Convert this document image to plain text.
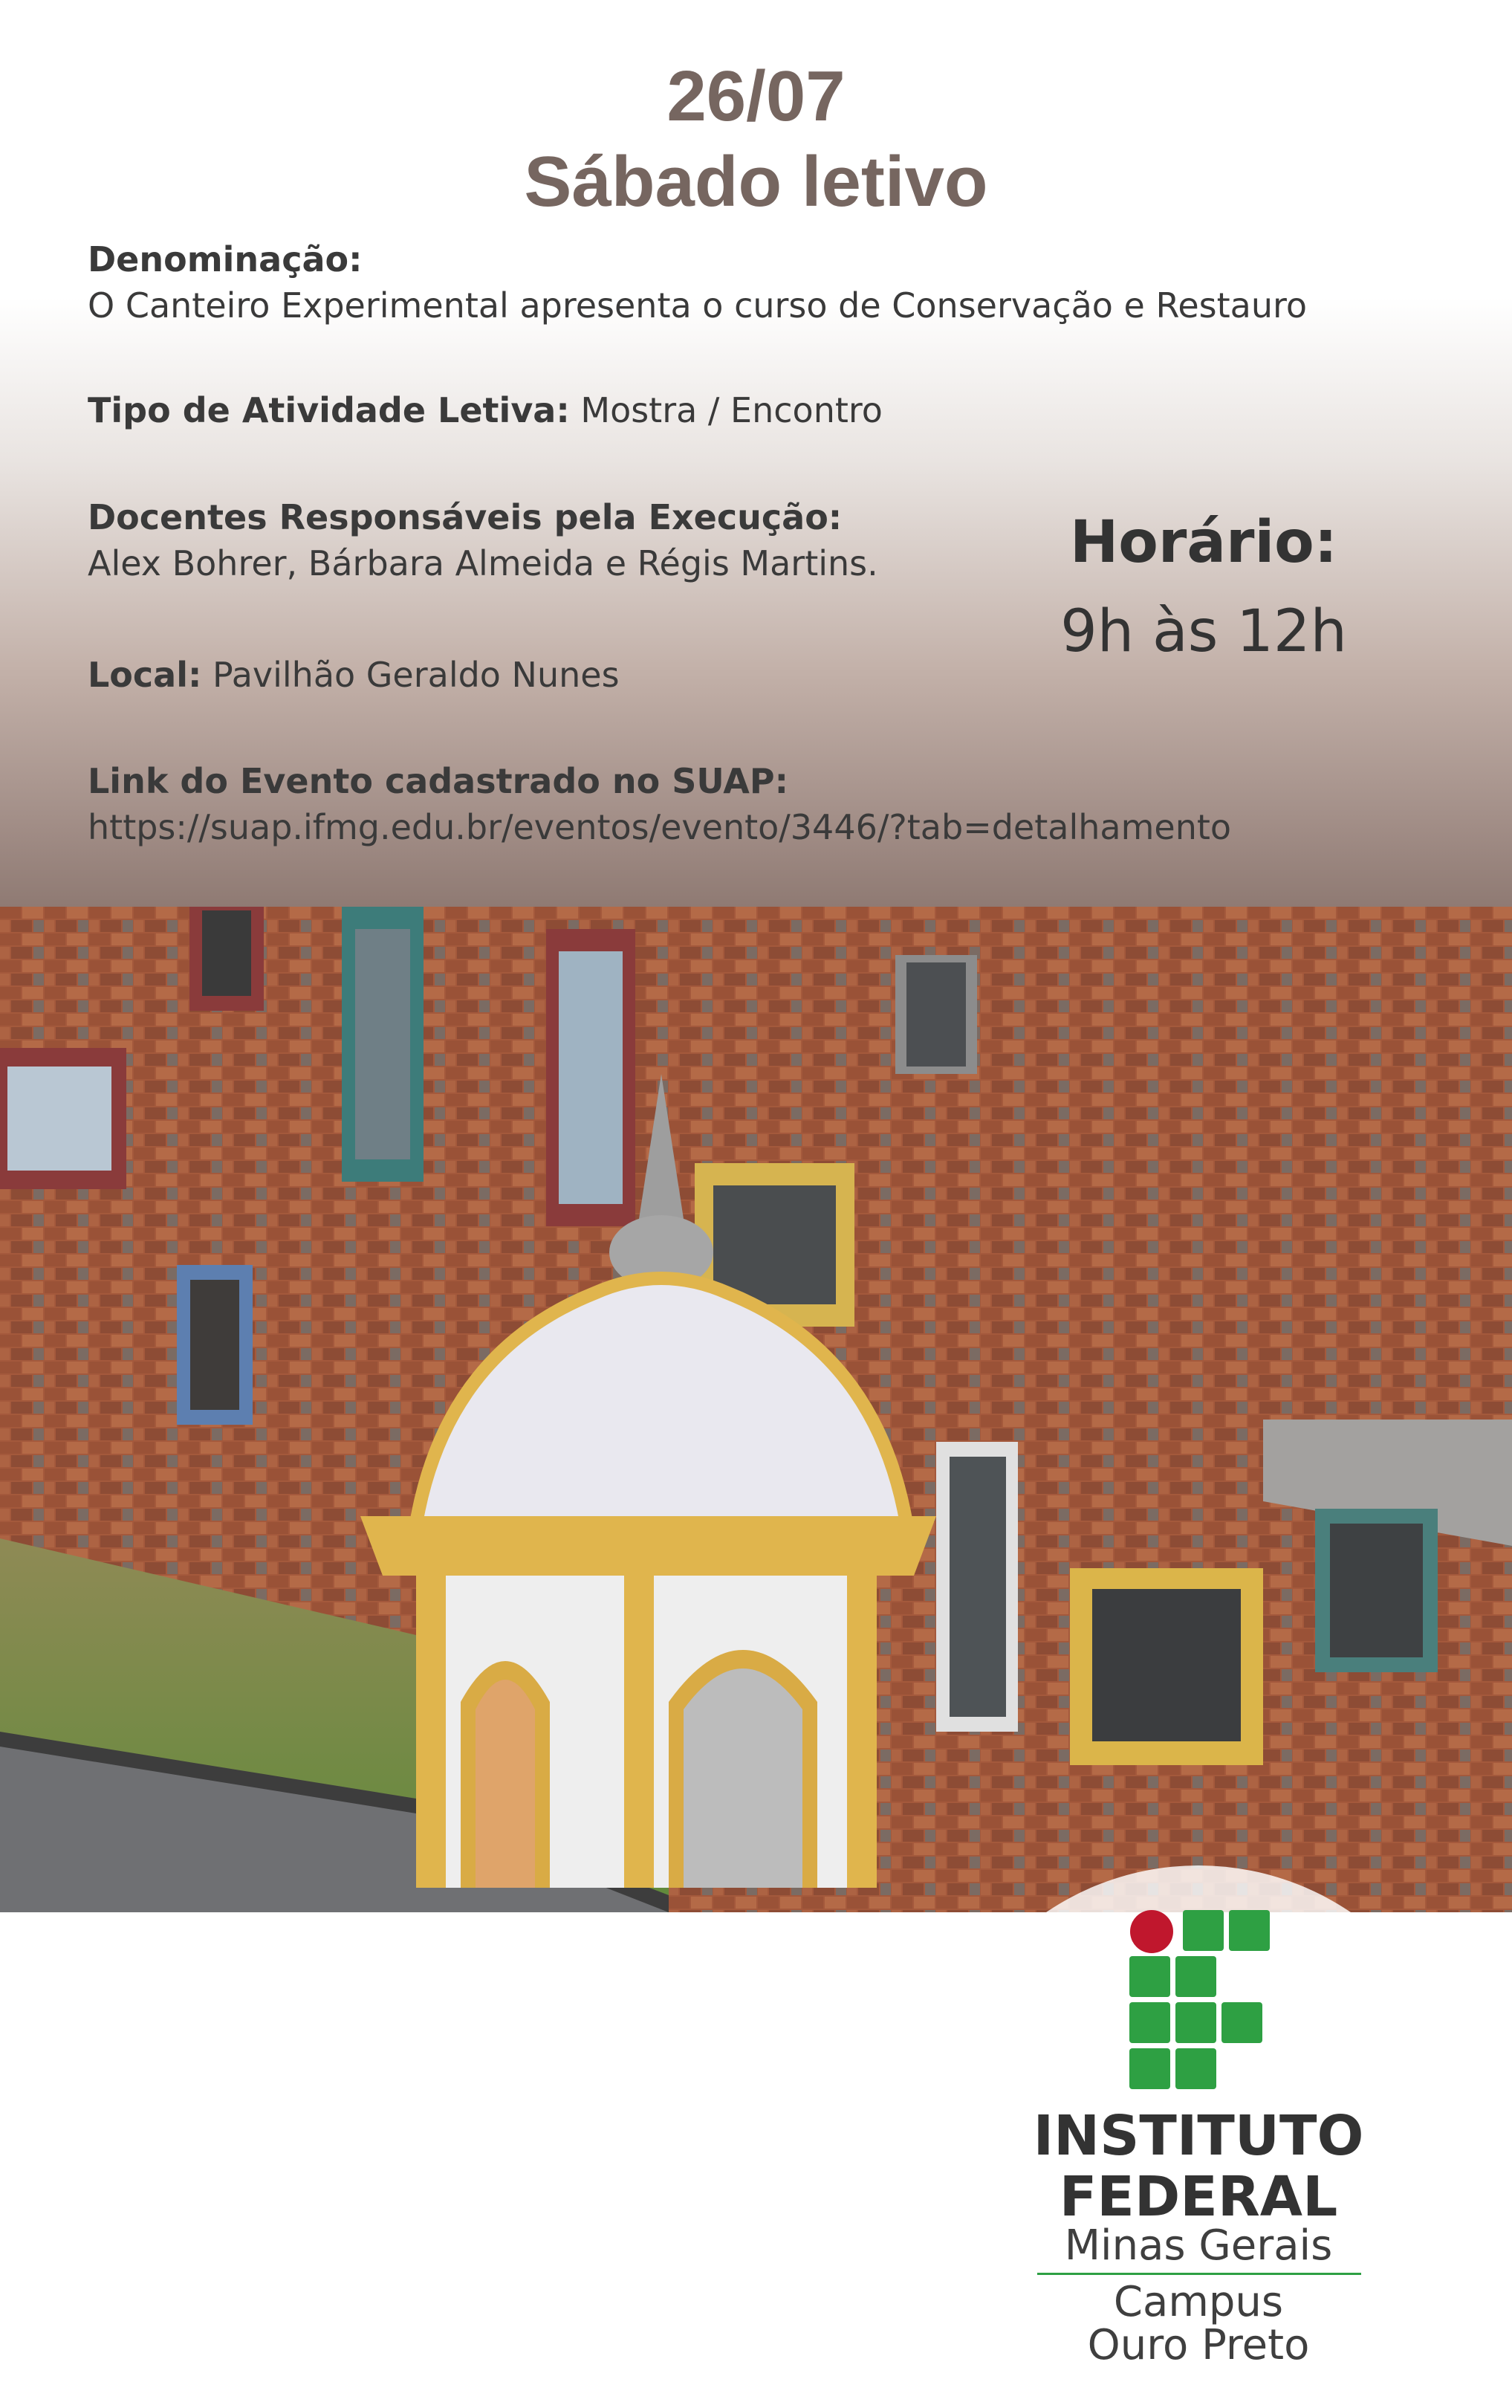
26/07
Sábado letivo
Denominação:
O Canteiro Experimental apresenta o curso de Conservação e Restauro
Tipo de Atividade Letiva: Mostra / Encontro
Docentes Responsáveis pela Execução:
Alex Bohrer, Bárbara Almeida e Régis Martins.
Local: Pavilhão Geraldo Nunes
Link do Evento cadastrado no SUAP:
https://suap.ifmg.edu.br/eventos/evento/3446/?tab=detalhamento
Horário:
9h às 12h
INSTITUTO
FEDERAL
Minas Gerais
Campus
Ouro Preto
